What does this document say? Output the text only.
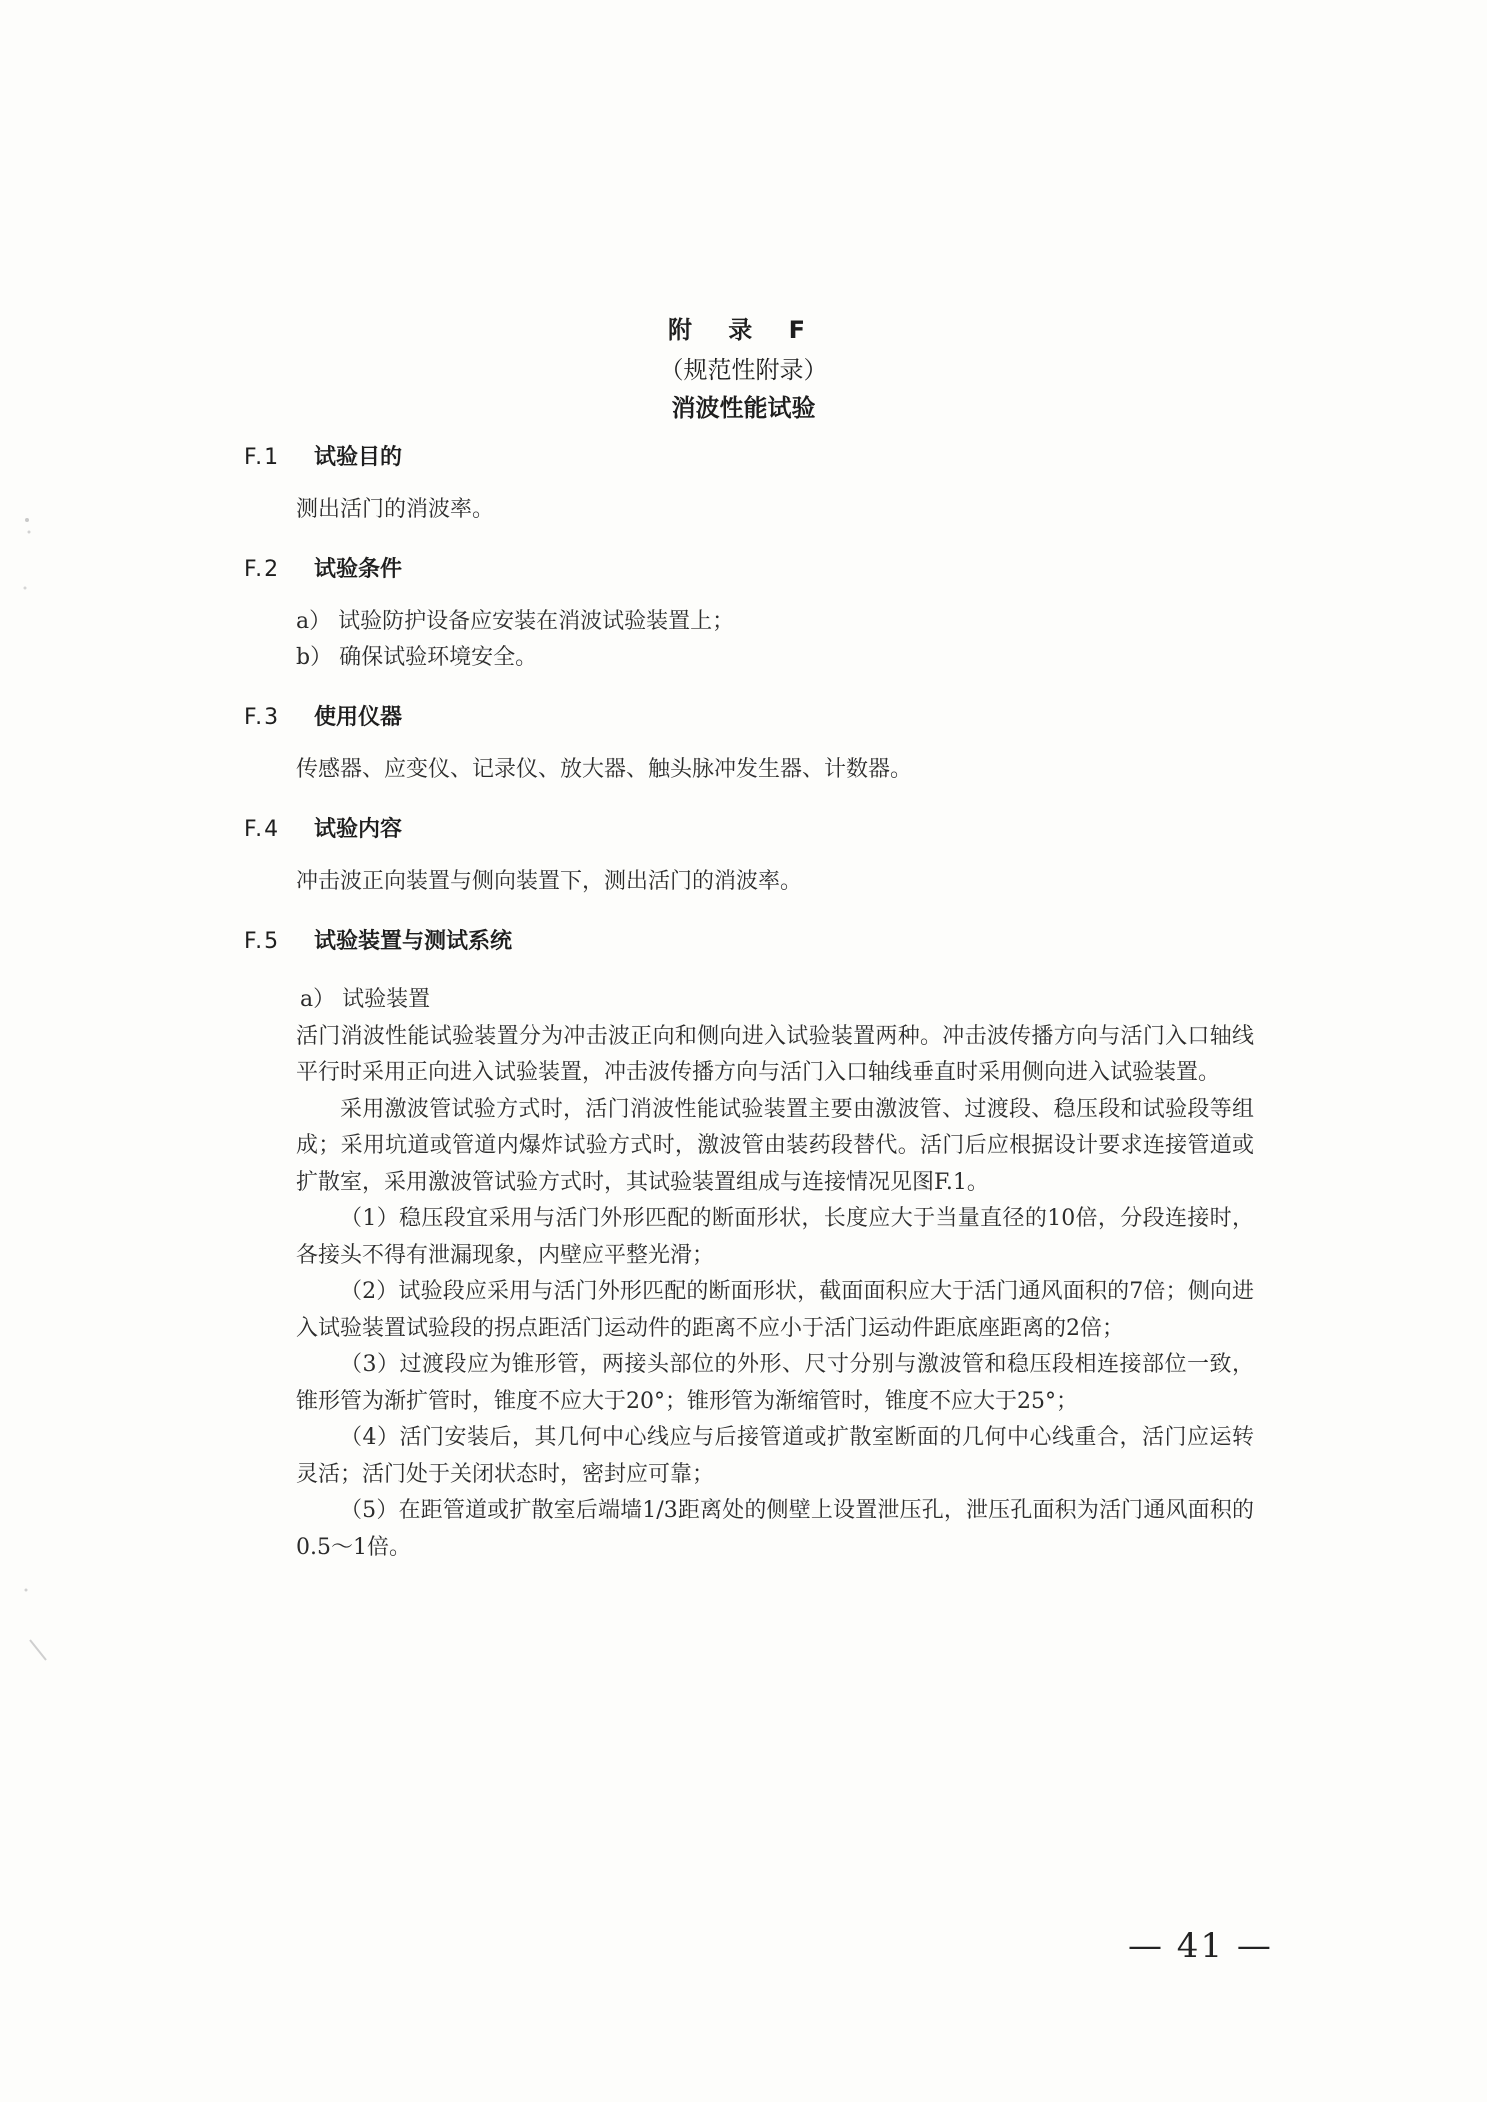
附 录 F
（规范性附录）
消波性能试验
F.1 试验目的
测出活门的消波率。
F.2 试验条件
a） 试验防护设备应安装在消波试验装置上；
b） 确保试验环境安全。
F.3 使用仪器
传感器、应变仪、记录仪、放大器、触头脉冲发生器、计数器。
F.4 试验内容
冲击波正向装置与侧向装置下，测出活门的消波率。
F.5 试验装置与测试系统

a） 试验装置

活门消波性能试验装置分为冲击波正向和侧向进入试验装置两种。冲击波传播方向与活门入口轴线平行时采用正向进入试验装置，冲击波传播方向与活门入口轴线垂直时采用侧向进入试验装置。

采用激波管试验方式时，活门消波性能试验装置主要由激波管、过渡段、稳压段和试验段等组成；采用坑道或管道内爆炸试验方式时，激波管由装药段替代。活门后应根据设计要求连接管道或扩散室，采用激波管试验方式时，其试验装置组成与连接情况见图F.1。

（1）稳压段宜采用与活门外形匹配的断面形状，长度应大于当量直径的10倍，分段连接时，各接头不得有泄漏现象，内壁应平整光滑；

（2）试验段应采用与活门外形匹配的断面形状，截面面积应大于活门通风面积的7倍；侧向进入试验装置试验段的拐点距活门运动件的距离不应小于活门运动件距底座距离的2倍；

（3）过渡段应为锥形管，两接头部位的外形、尺寸分别与激波管和稳压段相连接部位一致，锥形管为渐扩管时，锥度不应大于20°；锥形管为渐缩管时，锥度不应大于25°；

（4）活门安装后，其几何中心线应与后接管道或扩散室断面的几何中心线重合，活门应运转灵活；活门处于关闭状态时，密封应可靠；

（5）在距管道或扩散室后端墙1/3距离处的侧壁上设置泄压孔，泄压孔面积为活门通风面积的0.5～1倍。

— 41 —
